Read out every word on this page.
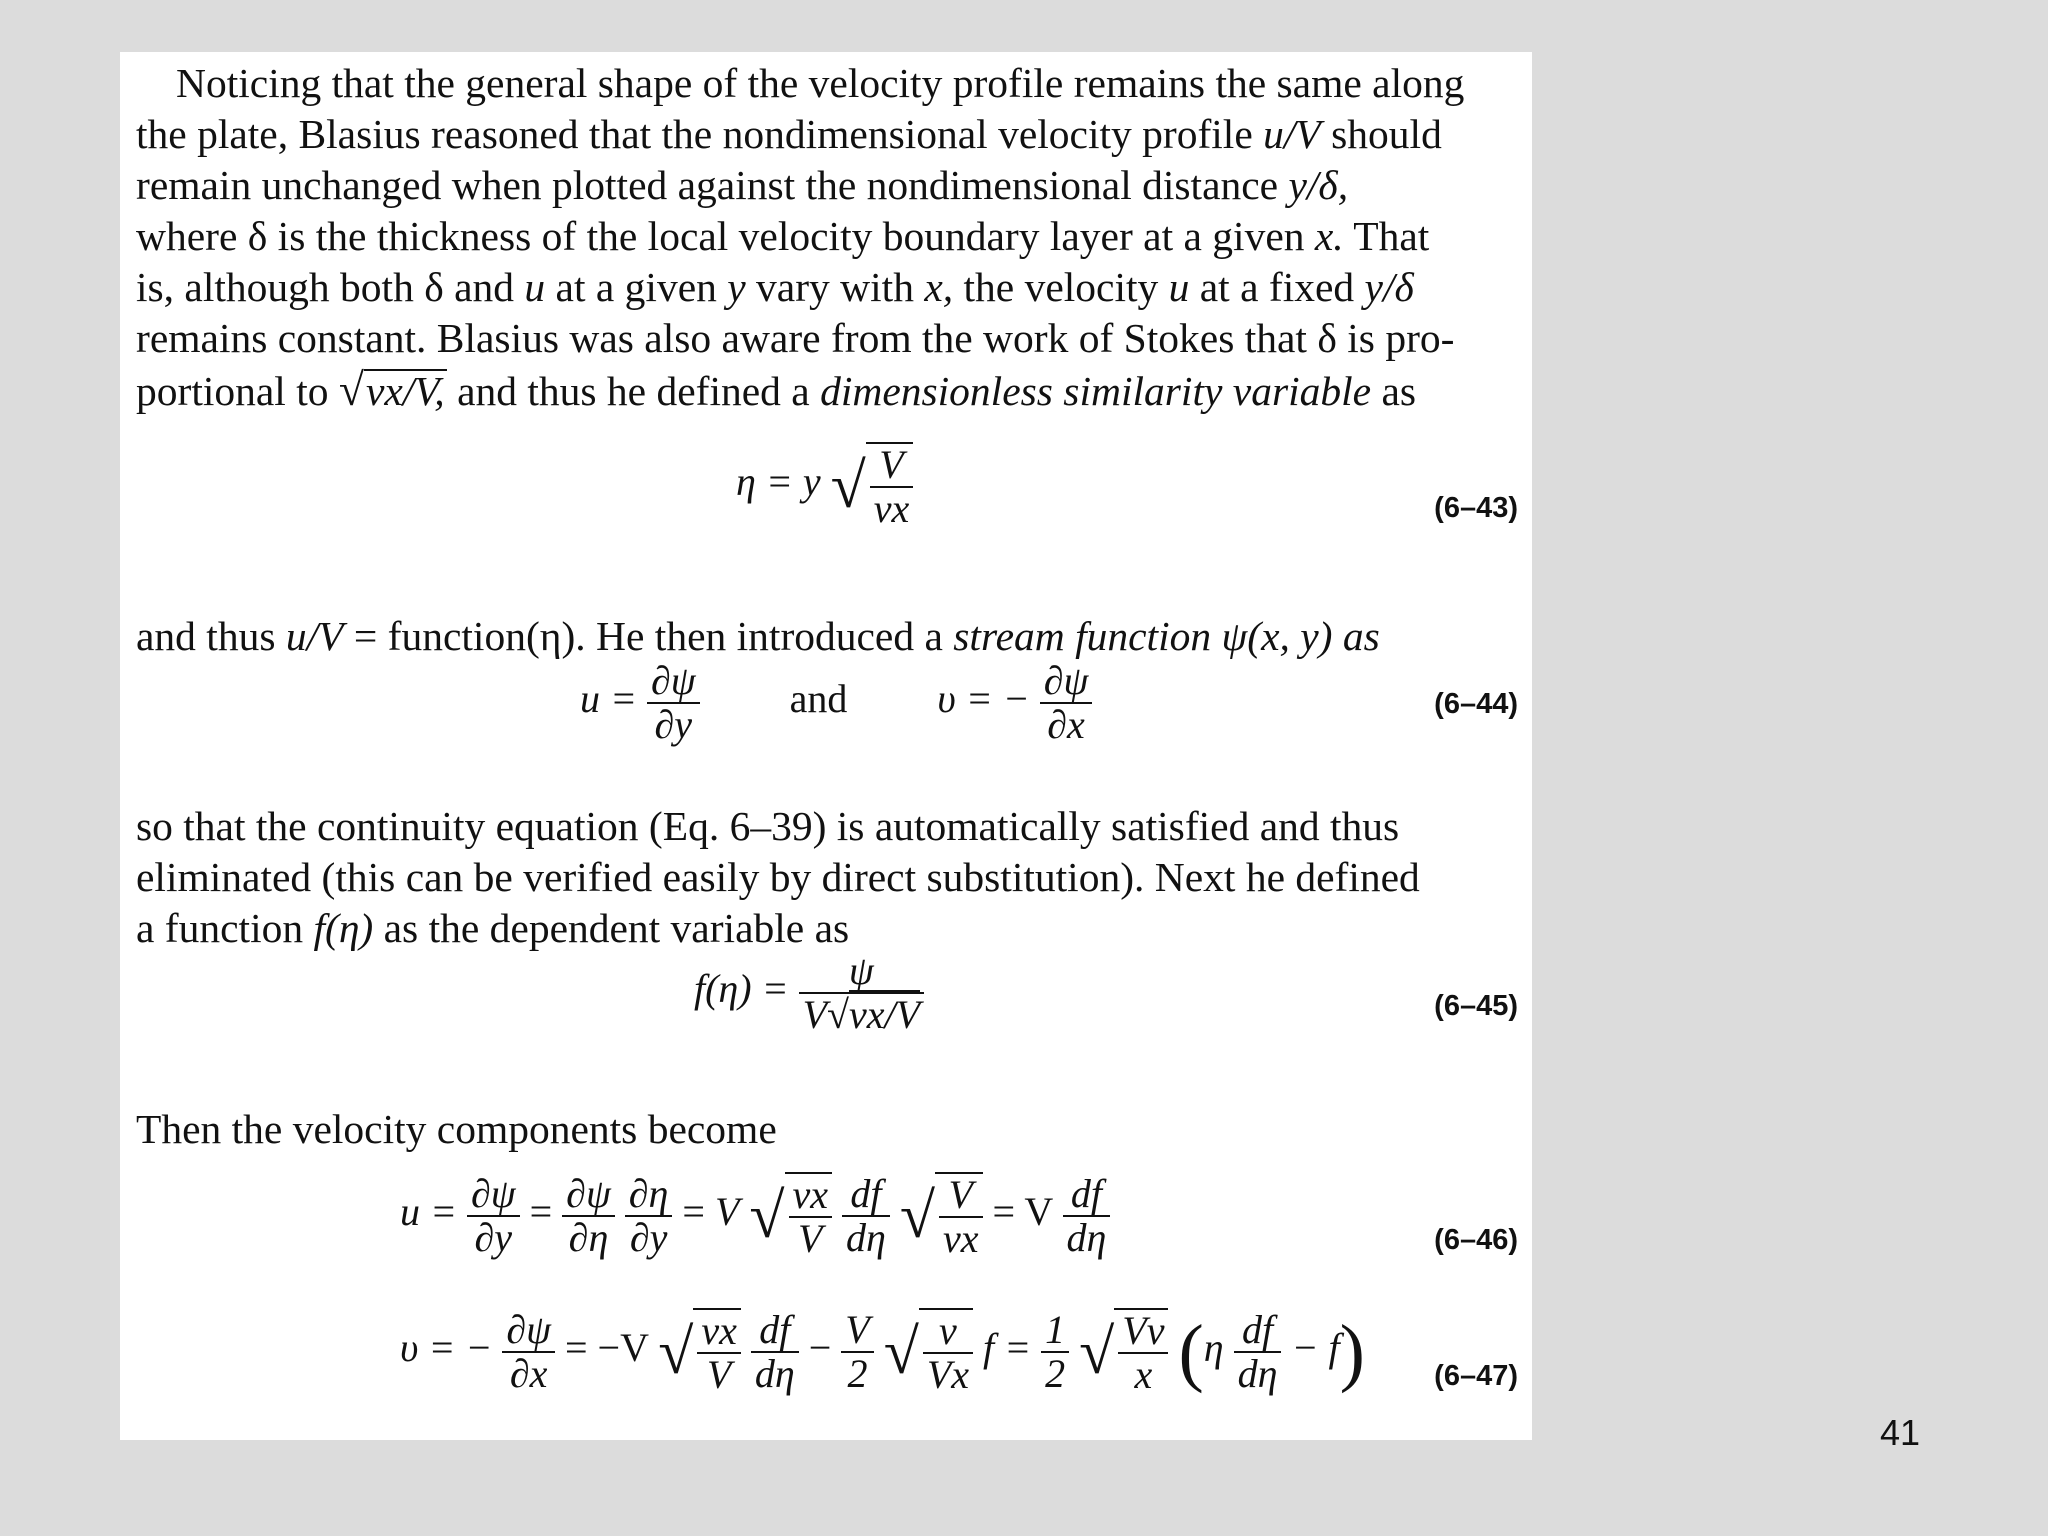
Noticing that the general shape of the velocity profile remains the same along
the plate, Blasius reasoned that the nondimensional velocity profile u/V should
remain unchanged when plotted against the nondimensional distance y/δ,
where δ is the thickness of the local velocity boundary layer at a given x. That
is, although both δ and u at a given y vary with x, the velocity u at a fixed y/δ
remains constant. Blasius was also aware from the work of Stokes that δ is pro-
portional to √νx/V, and thus he defined a dimensionless similarity variable as
η = y √ $\frac{V}{\nu x}$	(6–43)
and thus u/V = function(η). He then introduced a stream function ψ(x, y) as
$u = \frac{\partial\psi}{\partial y}$ and υ = − $\frac{\partial\psi}{\partial x}$	(6–44)
so that the continuity equation (Eq. 6–39) is automatically satisfied and thus
eliminated (this can be verified easily by direct substitution). Next he defined
a function f(η) as the dependent variable as
$f(\eta) = \frac{\psi}{V√\nu x/V}$	(6–45)
Then the velocity components become
$u = \frac{\partial\psi}{\partial y} = \frac{\partial\psi}{\partial\eta}$
$\frac{\partial\eta}{\partial y} = V$ √ $\frac{\nu x}{V}$
$\frac{df}{d\eta}$ √ $\frac{V}{\nu x} = V \frac{df}{d\eta}$	(6–46)
υ = − $\frac{\partial\psi}{\partial x} = -V$ √ $\frac{\nu x}{V}$
$\frac{df}{d\eta} - \frac{V}{2}$ √ $\frac{\nu}{Vx}$ $f = \frac{1}{2}$ √ $\frac{V\nu}{x} (\eta \frac{df}{d\eta} - f)$ (6–47)
41
